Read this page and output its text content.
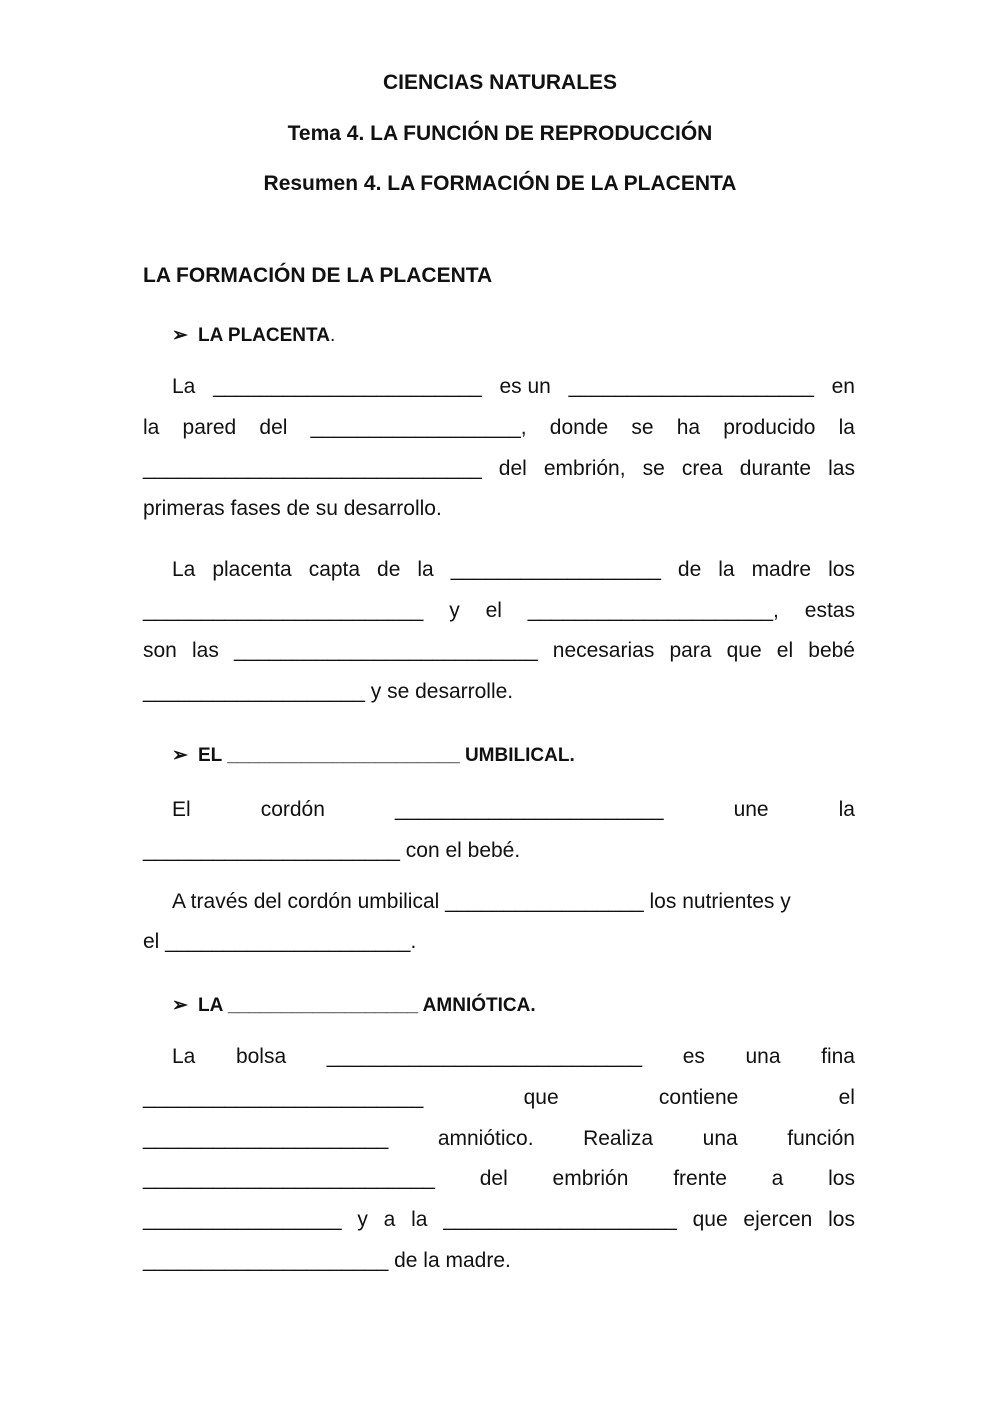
CIENCIAS NATURALES
Tema 4. LA FUNCIÓN DE REPRODUCCIÓN
Resumen 4. LA FORMACIÓN DE LA PLACENTA
LA FORMACIÓN DE LA PLACENTA
➢ LA PLACENTA.
La _______________________ es un _____________________ en
la pared del __________________, donde se ha producido la
_____________________________ del embrión, se crea durante las
primeras fases de su desarrollo.
La placenta capta de la __________________ de la madre los
________________________ y el _____________________, estas
son las __________________________ necesarias para que el bebé
___________________ y se desarrolle.
➢ EL ______________________ UMBILICAL.
El	cordón	_______________________	une	la
______________________ con el bebé.
A través del cordón umbilical _________________ los nutrientes y
el _____________________.
➢ LA __________________ AMNIÓTICA.
La bolsa ___________________________ es una fina
________________________	que	contiene	el
_____________________ amniótico. Realiza una función
_________________________ del embrión frente a los
_________________ y a la ____________________ que ejercen los
_____________________ de la madre.
